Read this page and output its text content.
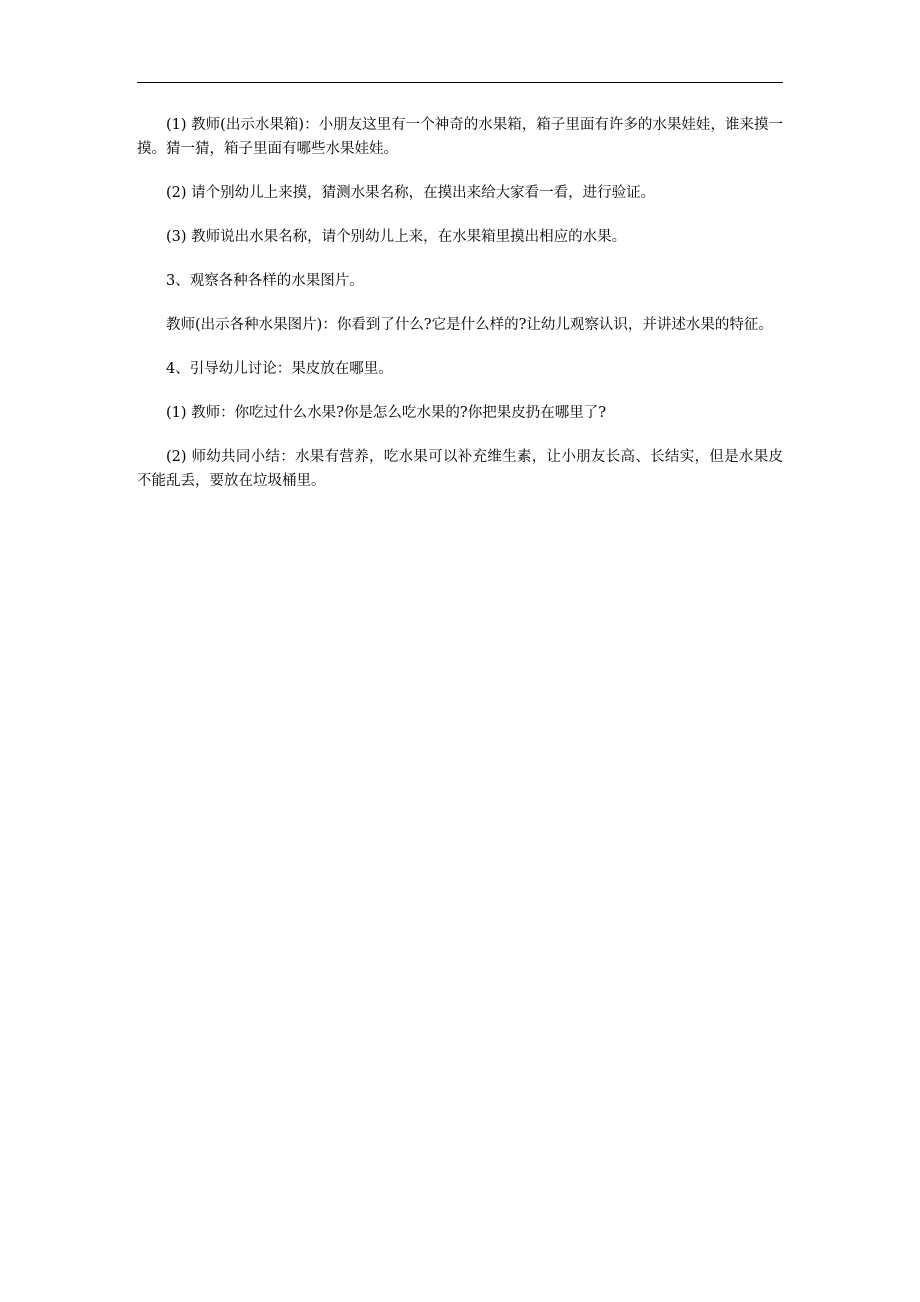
(1) 教师(出示水果箱)：小朋友这里有一个神奇的水果箱，箱子里面有许多的水果娃娃，谁来摸一摸。猜一猜，箱子里面有哪些水果娃娃。

(2) 请个别幼儿上来摸，猜测水果名称，在摸出来给大家看一看，进行验证。

(3) 教师说出水果名称，请个别幼儿上来，在水果箱里摸出相应的水果。

3、观察各种各样的水果图片。

教师(出示各种水果图片)：你看到了什么?它是什么样的?让幼儿观察认识，并讲述水果的特征。

4、引导幼儿讨论：果皮放在哪里。

(1) 教师：你吃过什么水果?你是怎么吃水果的?你把果皮扔在哪里了?

(2) 师幼共同小结：水果有营养，吃水果可以补充维生素，让小朋友长高、长结实，但是水果皮不能乱丢，要放在垃圾桶里。
